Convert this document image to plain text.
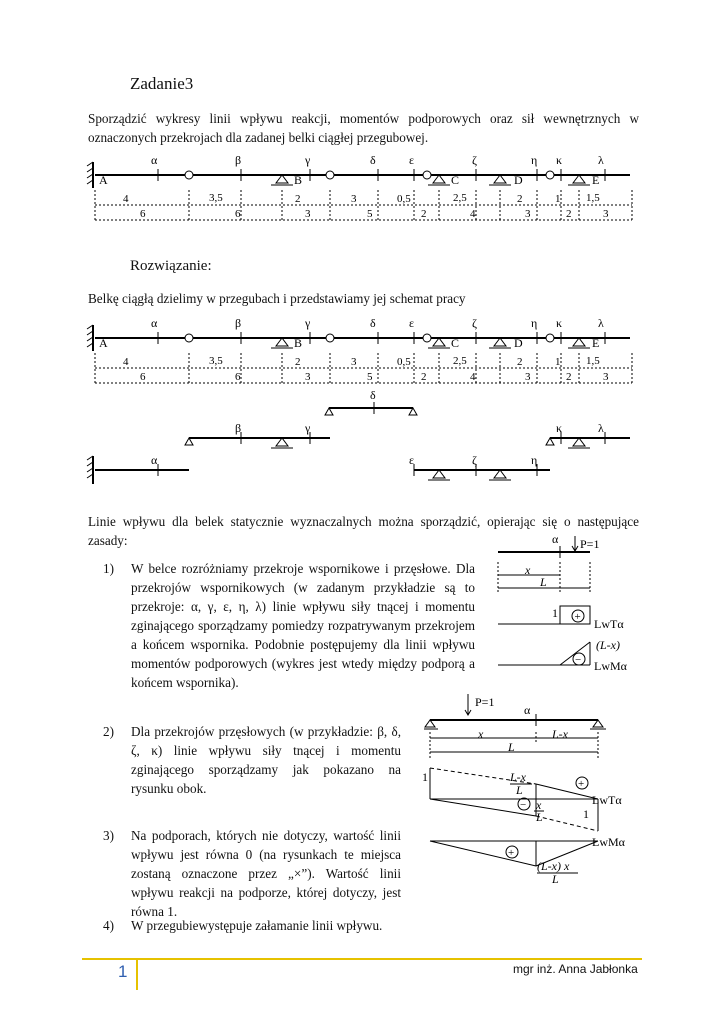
Zadanie3
Sporządzić wykresy linii wpływu reakcji, momentów podporowych oraz sił wewnętrznych w oznaczonych przekrojach dla zadanej belki ciągłej przegubowej.
α	β	γ	δ	ε	ζ	η κ	λ
A	B	C	D	E
4	3,5	2	3	0,5	2,5	2	1 1,5
6	6	3	5	2	4	3	2	3
Rozwiązanie:
Belkę ciągłą dzielimy w przegubach i przedstawiamy jej schemat pracy
α	β	γ	δ	ε	ζ	η κ	λ
A	B	C	D	E
4	3,5	2	3	0,5	2,5	2	1 1,5
6	6	3	5	2	4	3	2	3
δ
β	γ	κ	λ
α	ε	ζ	η
Linie wpływu dla belek statycznie wyznaczalnych można sporządzić, opierając się o następujące zasady:
1) W belce rozróżniamy przekroje wspornikowe i przęsłowe. Dla przekrojów wspornikowych (w zadanym przykładzie są to przekroje: α, γ, ε, η, λ) linie wpływu siły tnącej i momentu zginającego sporządzamy pomiedzy rozpatrywanym przekrojem a końcem wspornika. Podobnie postępujemy dla linii wpływu momentów podporowych (wykres jest wtedy między podporą a końcem wspornika).
α P=1
x
L
1 +
−
(L-x)
LwTα
LwMα
2) Dla przekrojów przęsłowych (w przykładzie: β, δ, ζ, κ) linie wpływu siły tnącej i momentu zginającego sporządzamy jak pokazano na rysunku obok.
P=1
α
x	L-x
L
1	L-x
L
x
L	1
+
−
+
(L-x) x
L
LwTα
LwMα
3) Na podporach, których nie dotyczy, wartość linii wpływu jest równa 0 (na rysunkach te miejsca zostaną oznaczone przez „×”). Wartość linii wpływu reakcji na podporze, której dotyczy, jest równa 1.
4) W przegubiewystępuje załamanie linii wpływu.
1	mgr inż. Anna Jabłonka
